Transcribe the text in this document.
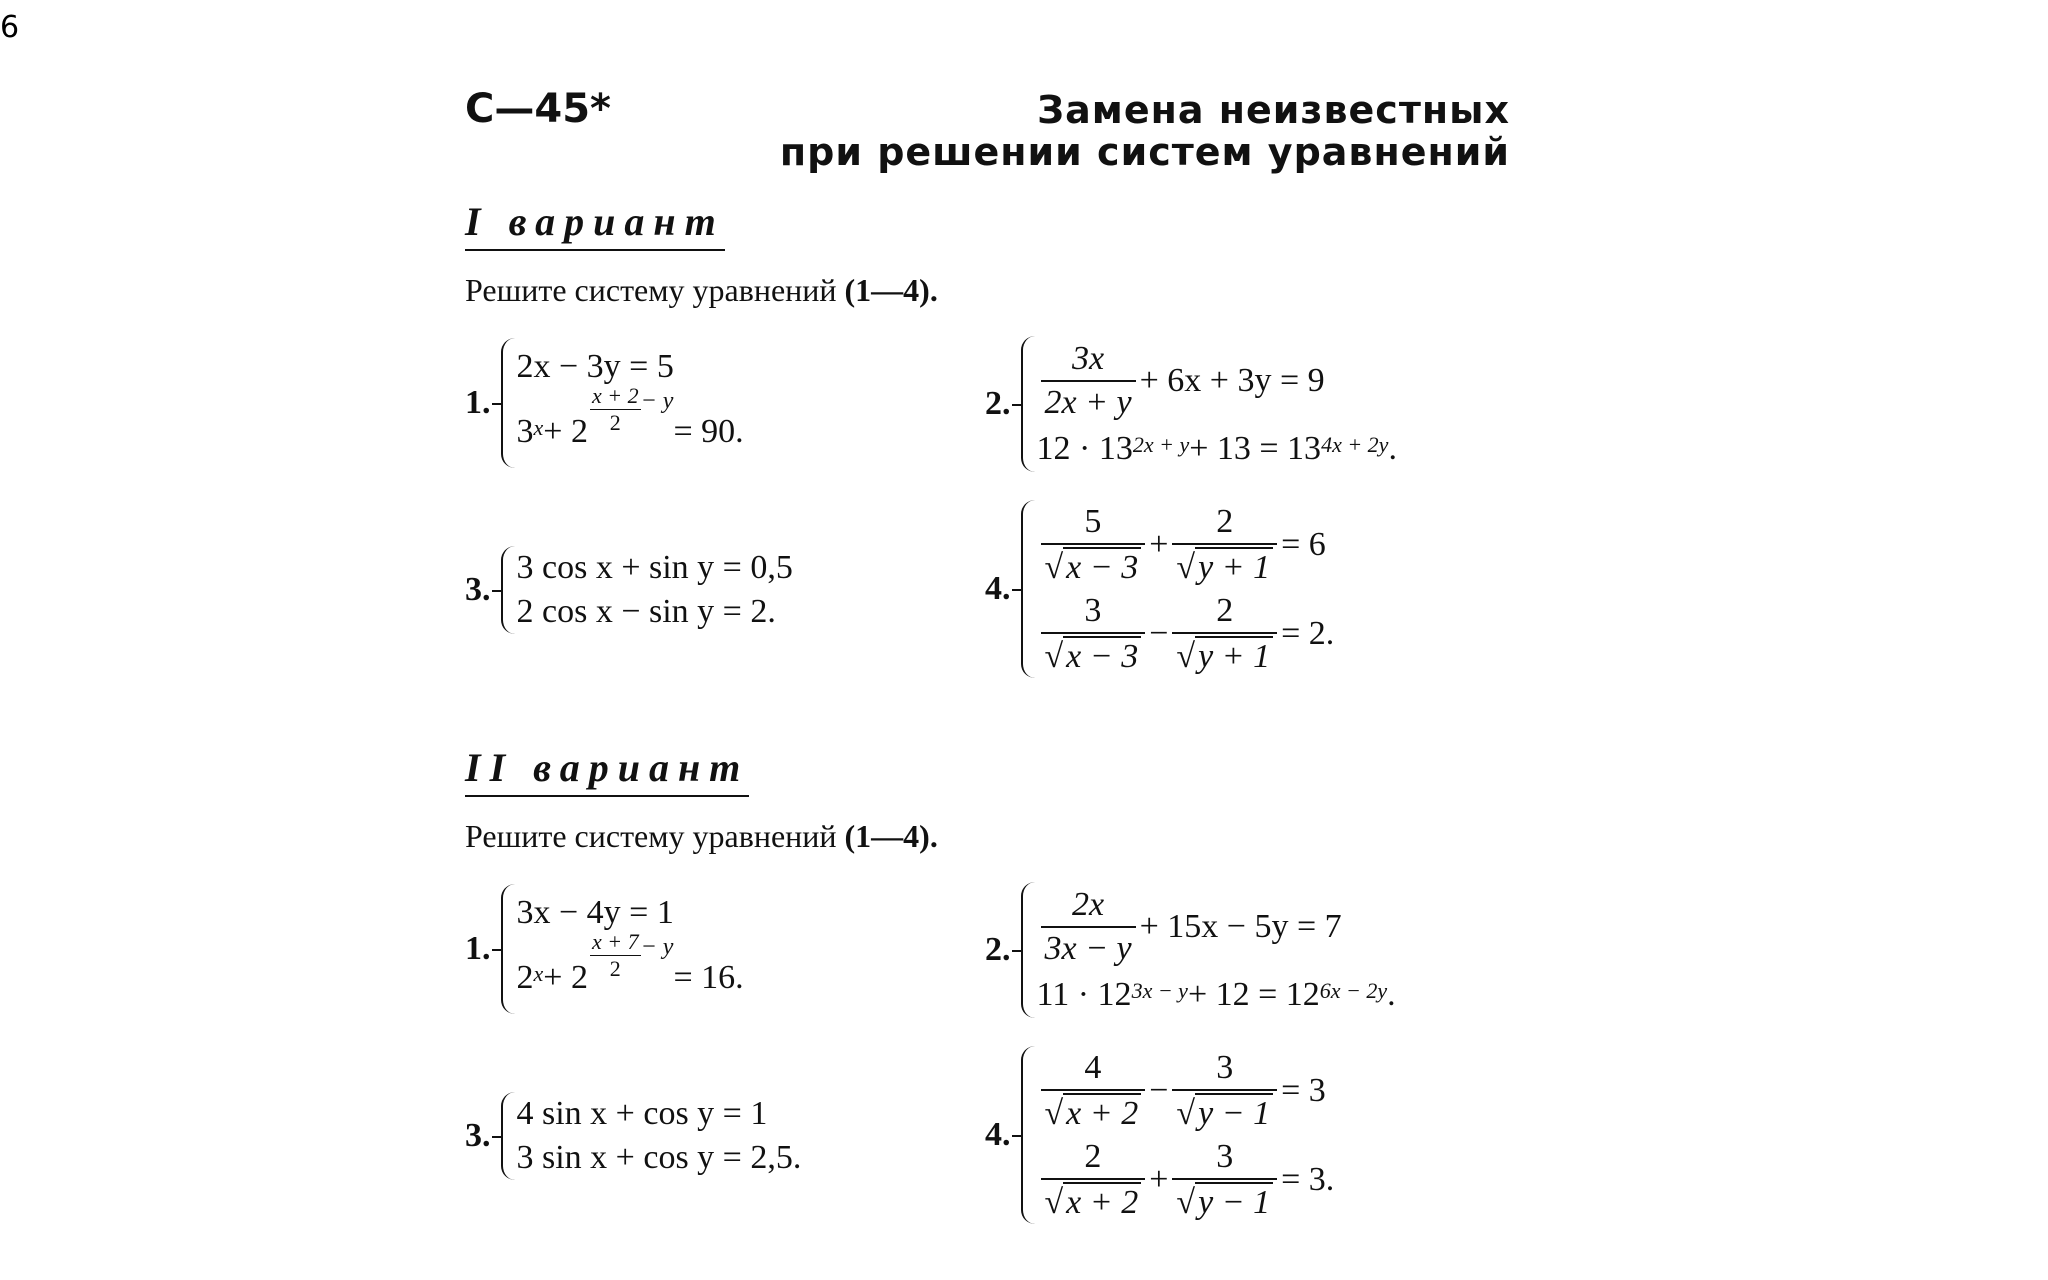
6
С—45*	Замена неизвестных
при решении систем уравнений
I вариант
Решите систему уравнений (1—4).
1.
2x − 3y = 5
3 $x + 2 \frac{x + 2}{2} - y$
= 90.
2. $\frac{3x}{2x + y} + 6x + 3y = 9$
12 · 13 2x + y + 13 = 13 4x + 2y .
3.
3 cos x + sin y = 0,5
2 cos x − sin y = 2.
4.
$\frac{5}{√ x - 3} + \frac{2}{√ y + 1} = 6$
$\frac{3}{√ x - 3} - \frac{2}{√ y + 1} = 2$.
II вариант
Решите систему уравнений (1—4).
1.
3x − 4y = 1
2 $x + 2 \frac{x + 7}{2} - y$
= 16.
2. $\frac{2x}{3x - y} + 15x - 5y = 7$
11 · 12 3x − y + 12 = 12 6x − 2y .
3.
4 sin x + cos y = 1
3 sin x + cos y = 2,5.
4.
$\frac{4}{√ x + 2} - \frac{3}{√ y - 1} = 3$
$\frac{2}{√ x + 2} + \frac{3}{√ y - 1} = 3$.
